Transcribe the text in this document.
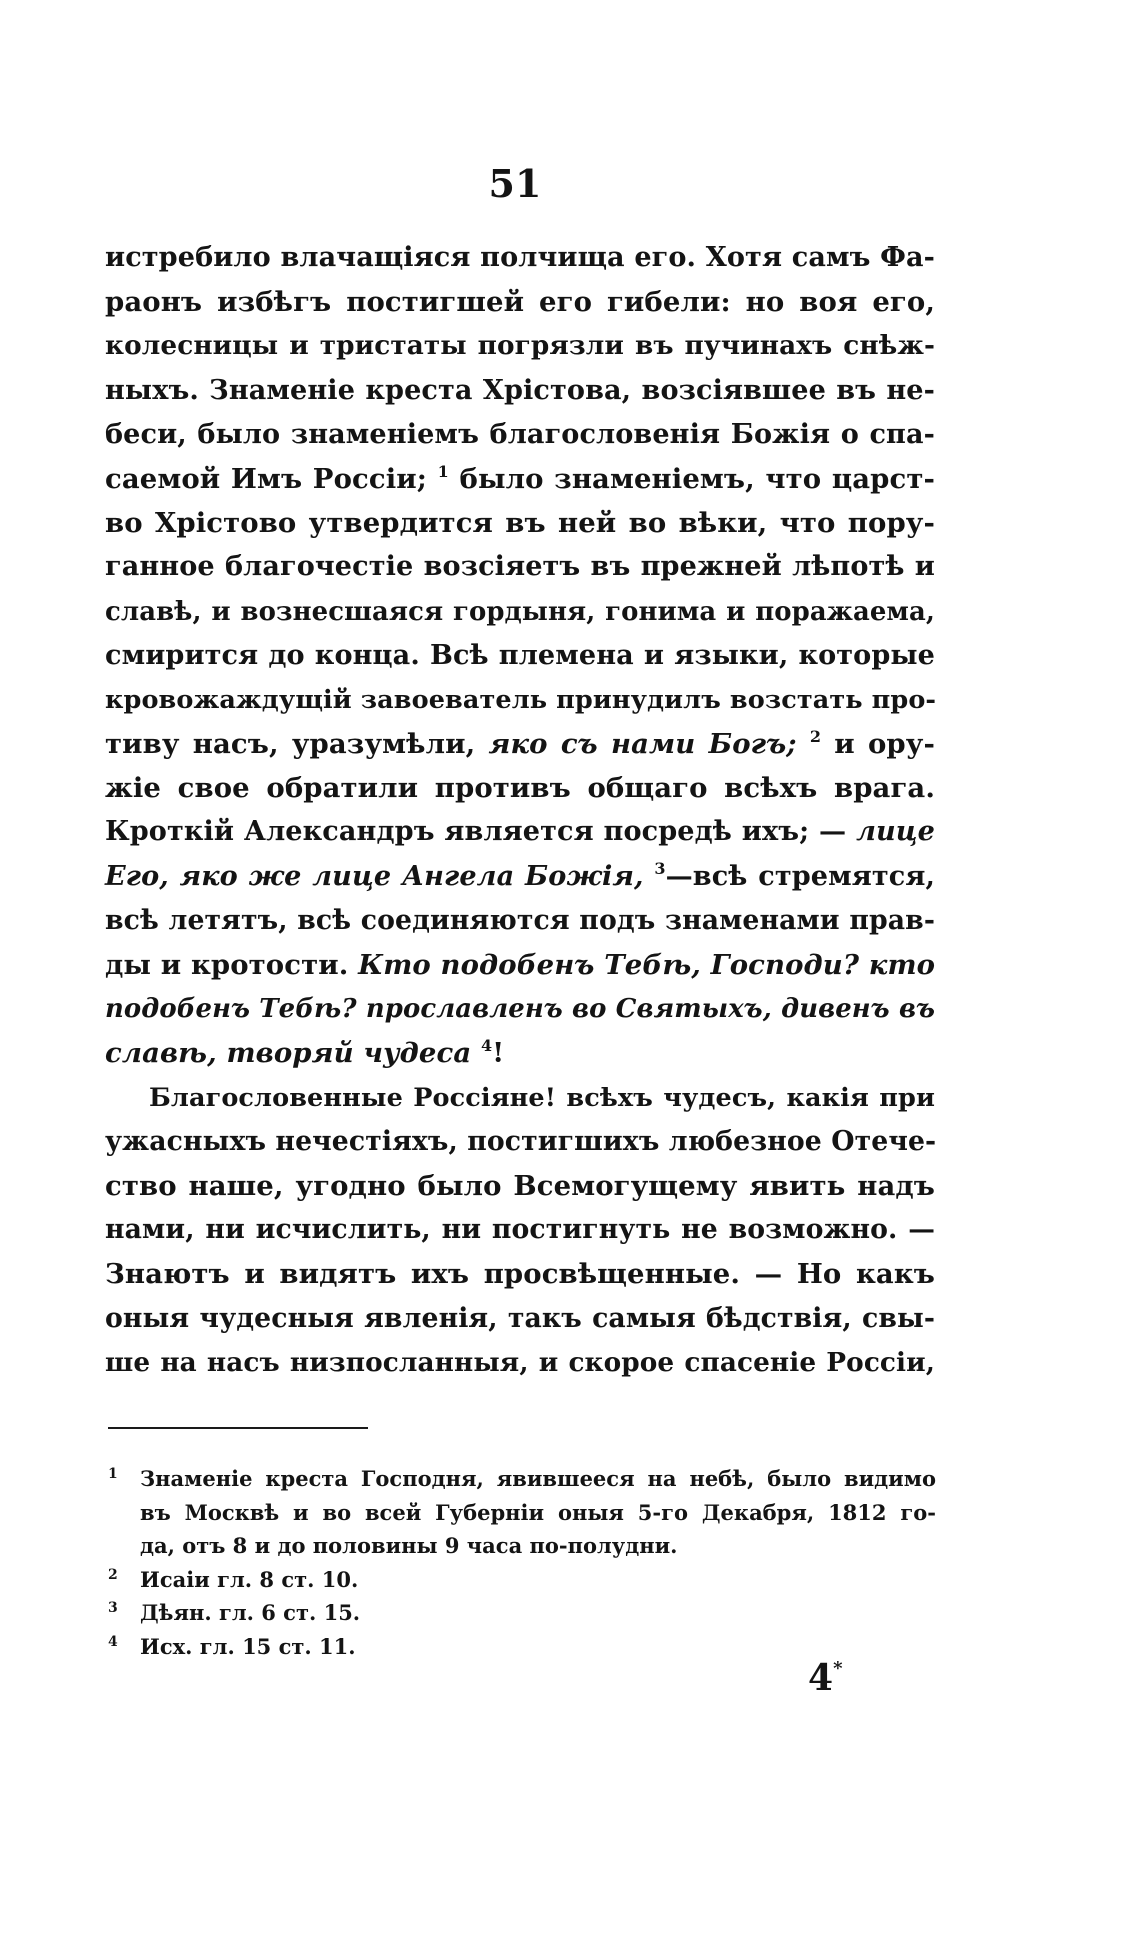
51
истребило влачащіяся полчища его. Хотя самъ Фа-
раонъ избѣгъ постигшей его гибели: но воя его,
колесницы и тристаты погрязли въ пучинахъ снѣж-
ныхъ. Знаменіе креста Хрістова, возсіявшее въ не-
беси, было знаменіемъ благословенія Божія о спа-
саемой Имъ Россіи; $^1$ было знаменіемъ, что царст-
во Хрістово утвердится въ ней во вѣки, что пору-
ганное благочестіе возсіяетъ въ прежней лѣпотѣ и
славѣ, и вознесшаяся гордыня, гонима и поражаема,
смирится до конца. Всѣ племена и языки, которые
кровожаждущій завоеватель принудилъ возстать про-
тиву насъ, уразумѣли, яко съ нами Богъ; $^2$ и ору-
жіе свое обратили противъ общаго всѣхъ врага.
Кроткій Александръ является посредѣ ихъ; — лице
Его, яко же лице Ангела Божія, $^3$—всѣ стремятся,
всѣ летятъ, всѣ соединяются подъ знаменами прав-
ды и кротости. Кто подобенъ Тебѣ, Господи? кто
подобенъ Тебѣ? прославленъ во Святыхъ, дивенъ въ
славѣ, творяй чудеса $^4$!
Благословенные Россіяне! всѣхъ чудесъ, какія при
ужасныхъ нечестіяхъ, постигшихъ любезное Отече-
ство наше, угодно было Всемогущему явить надъ
нами, ни исчислить, ни постигнуть не возможно. —
Знаютъ и видятъ ихъ просвѣщенные. — Но какъ
оныя чудесныя явленія, такъ самыя бѣдствія, свы-
ше на насъ низпосланныя, и скорое спасеніе Россіи,
1 Знаменіе креста Господня, явившееся на небѣ, было видимо
въ Москвѣ и во всей Губерніи оныя 5-го Декабря, 1812 го-
да, отъ 8 и до половины 9 часа по-полудни.
2 Исаіи гл. 8 ст. 10.
3 Дѣян. гл. 6 ст. 15.
4 Исх. гл. 15 ст. 11.
4*
